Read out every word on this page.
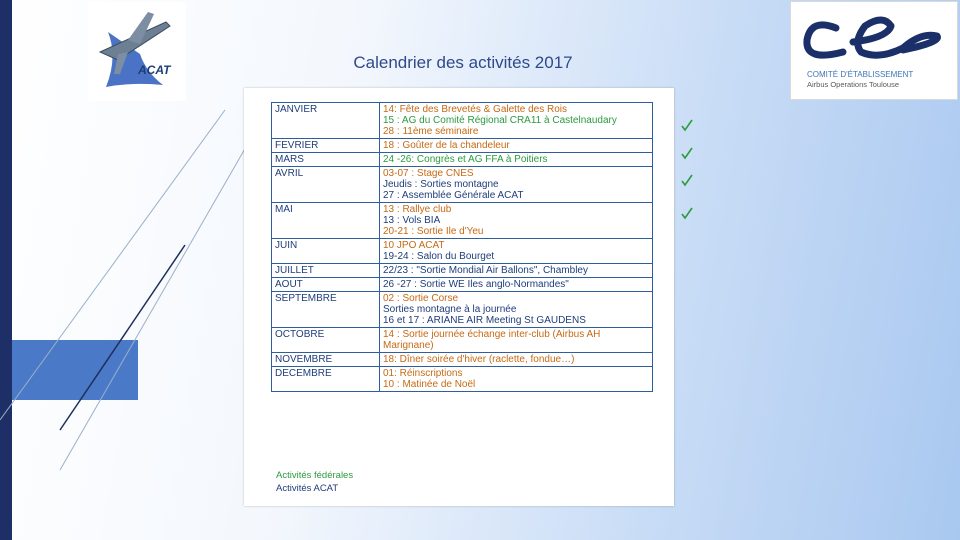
ACAT	COMITÉ D'ÉTABLISSEMENT
Airbus Operations Toulouse
Calendrier des activités 2017
JANVIER	14: Fête des Brevetés & Galette des Rois
15 : AG du Comité Régional CRA11 à Castelnaudary
28 : 11ème séminaire

FEVRIER	18 : Goûter de la chandeleur

MARS	24 -26: Congrès et AG FFA à Poitiers

AVRIL	03-07 : Stage CNES
Jeudis : Sorties montagne
27 : Assemblée Générale ACAT

MAI	13 : Rallye club
13 : Vols BIA
20-21 : Sortie Ile d'Yeu

JUIN	10 JPO ACAT
19-24 : Salon du Bourget

JUILLET	22/23 : "Sortie Mondial Air Ballons", Chambley

AOUT	26 -27 : Sortie WE Iles anglo-Normandes"

SEPTEMBRE	02 : Sortie Corse
Sorties montagne à la journée
16 et 17 : ARIANE AIR Meeting St GAUDENS

OCTOBRE	14 : Sortie journée échange inter-club (Airbus AH
Marignane)

NOVEMBRE	18: Dîner soirée d'hiver (raclette, fondue…)

DECEMBRE	01: Réinscriptions
10 : Matinée de Noël
Activités fédérales
Activités ACAT
